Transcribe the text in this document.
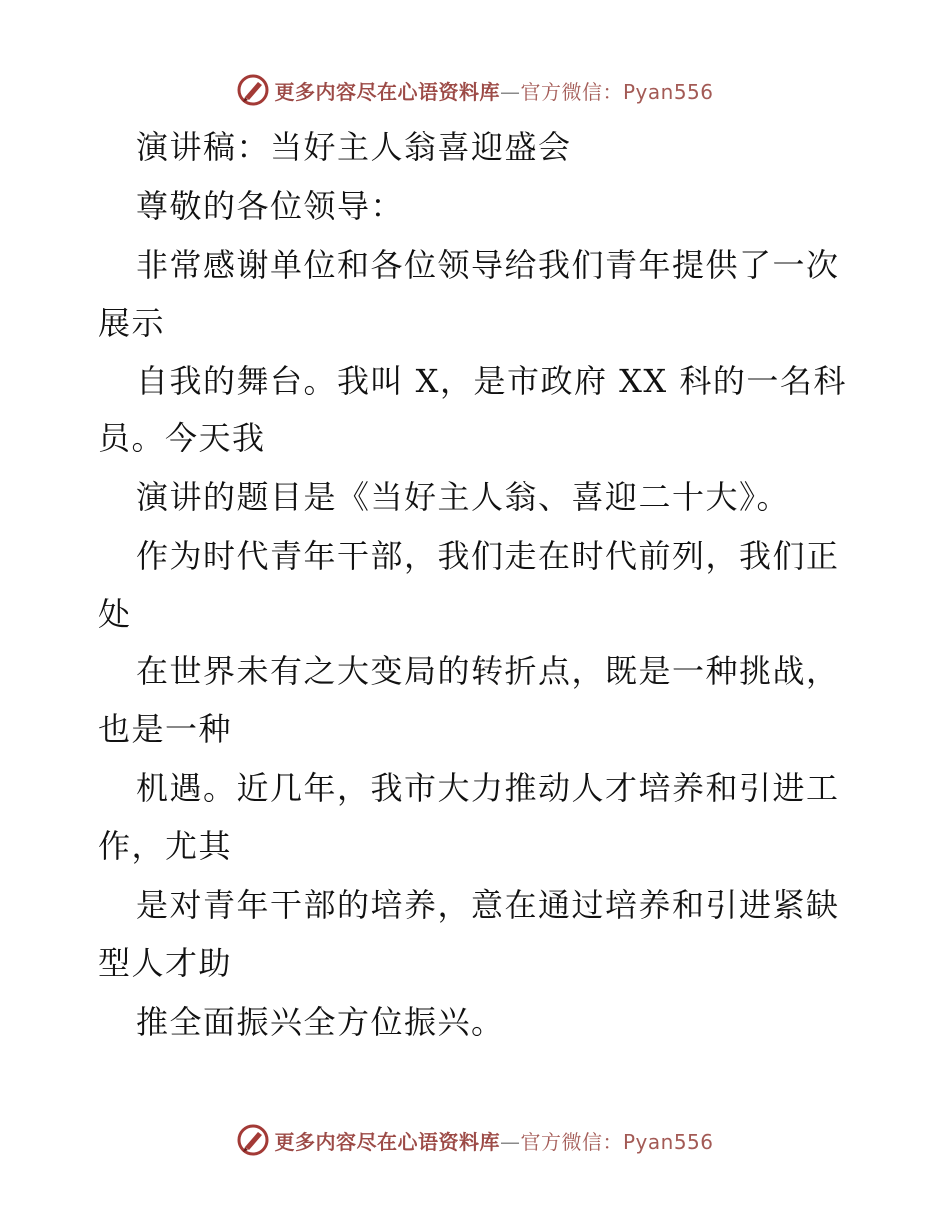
更多内容尽在心语资料库—官方微信：Pyan556
演讲稿：当好主人翁喜迎盛会
尊敬的各位领导：
非常感谢单位和各位领导给我们青年提供了一次
展示
自我的舞台。我叫 X，是市政府 XX 科的一名科
员。今天我
演讲的题目是《当好主人翁、喜迎二十大》。
作为时代青年干部，我们走在时代前列，我们正
处
在世界未有之大变局的转折点，既是一种挑战，
也是一种
机遇。近几年，我市大力推动人才培养和引进工
作，尤其
是对青年干部的培养，意在通过培养和引进紧缺
型人才助
推全面振兴全方位振兴。
更多内容尽在心语资料库—官方微信：Pyan556
